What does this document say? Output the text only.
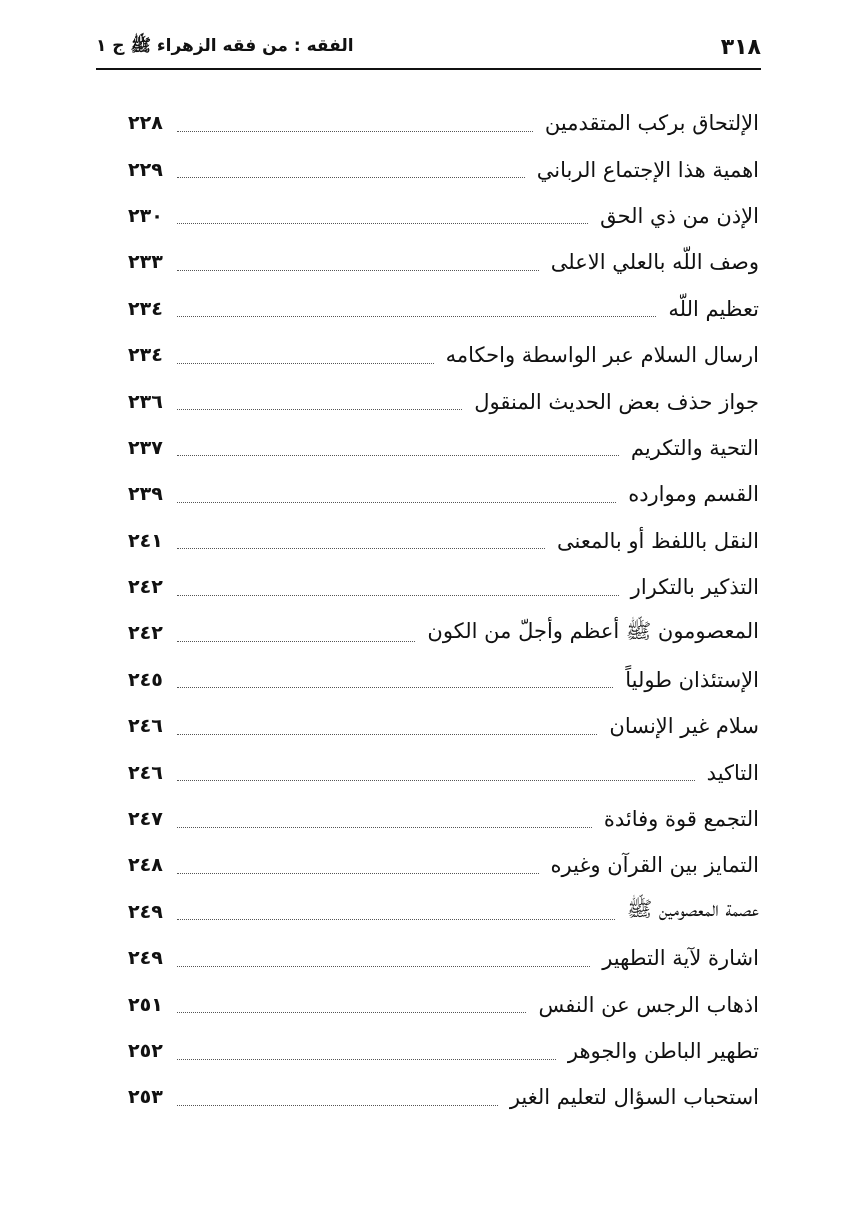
٣١٨
الفقه : من فقه الزهراء ﷺ ج ١
الإلتحاق بركب المتقدمين
٢٢٨
اهمية هذا الإجتماع الرباني
٢٢٩
الإذن من ذي الحق
٢٣٠
وصف اللّه بالعلي الاعلى
٢٣٣
تعظيم اللّه
٢٣٤
ارسال السلام عبر الواسطة واحكامه
٢٣٤
جواز حذف بعض الحديث المنقول
٢٣٦
التحية والتكريم
٢٣٧
القسم وموارده
٢٣٩
النقل باللفظ أو بالمعنى
٢٤١
التذكير بالتكرار
٢٤٢
المعصومون ﷺ أعظم وأجلّ من الكون
٢٤٢
الإستئذان طولياً
٢٤٥
سلام غير الإنسان
٢٤٦
التاكيد
٢٤٦
التجمع قوة وفائدة
٢٤٧
التمايز بين القرآن وغيره
٢٤٨
عصمة المعصومين ﷺ
٢٤٩
اشارة لآية التطهير
٢٤٩
اذهاب الرجس عن النفس
٢٥١
تطهير الباطن والجوهر
٢٥٢
استحباب السؤال لتعليم الغير
٢٥٣
